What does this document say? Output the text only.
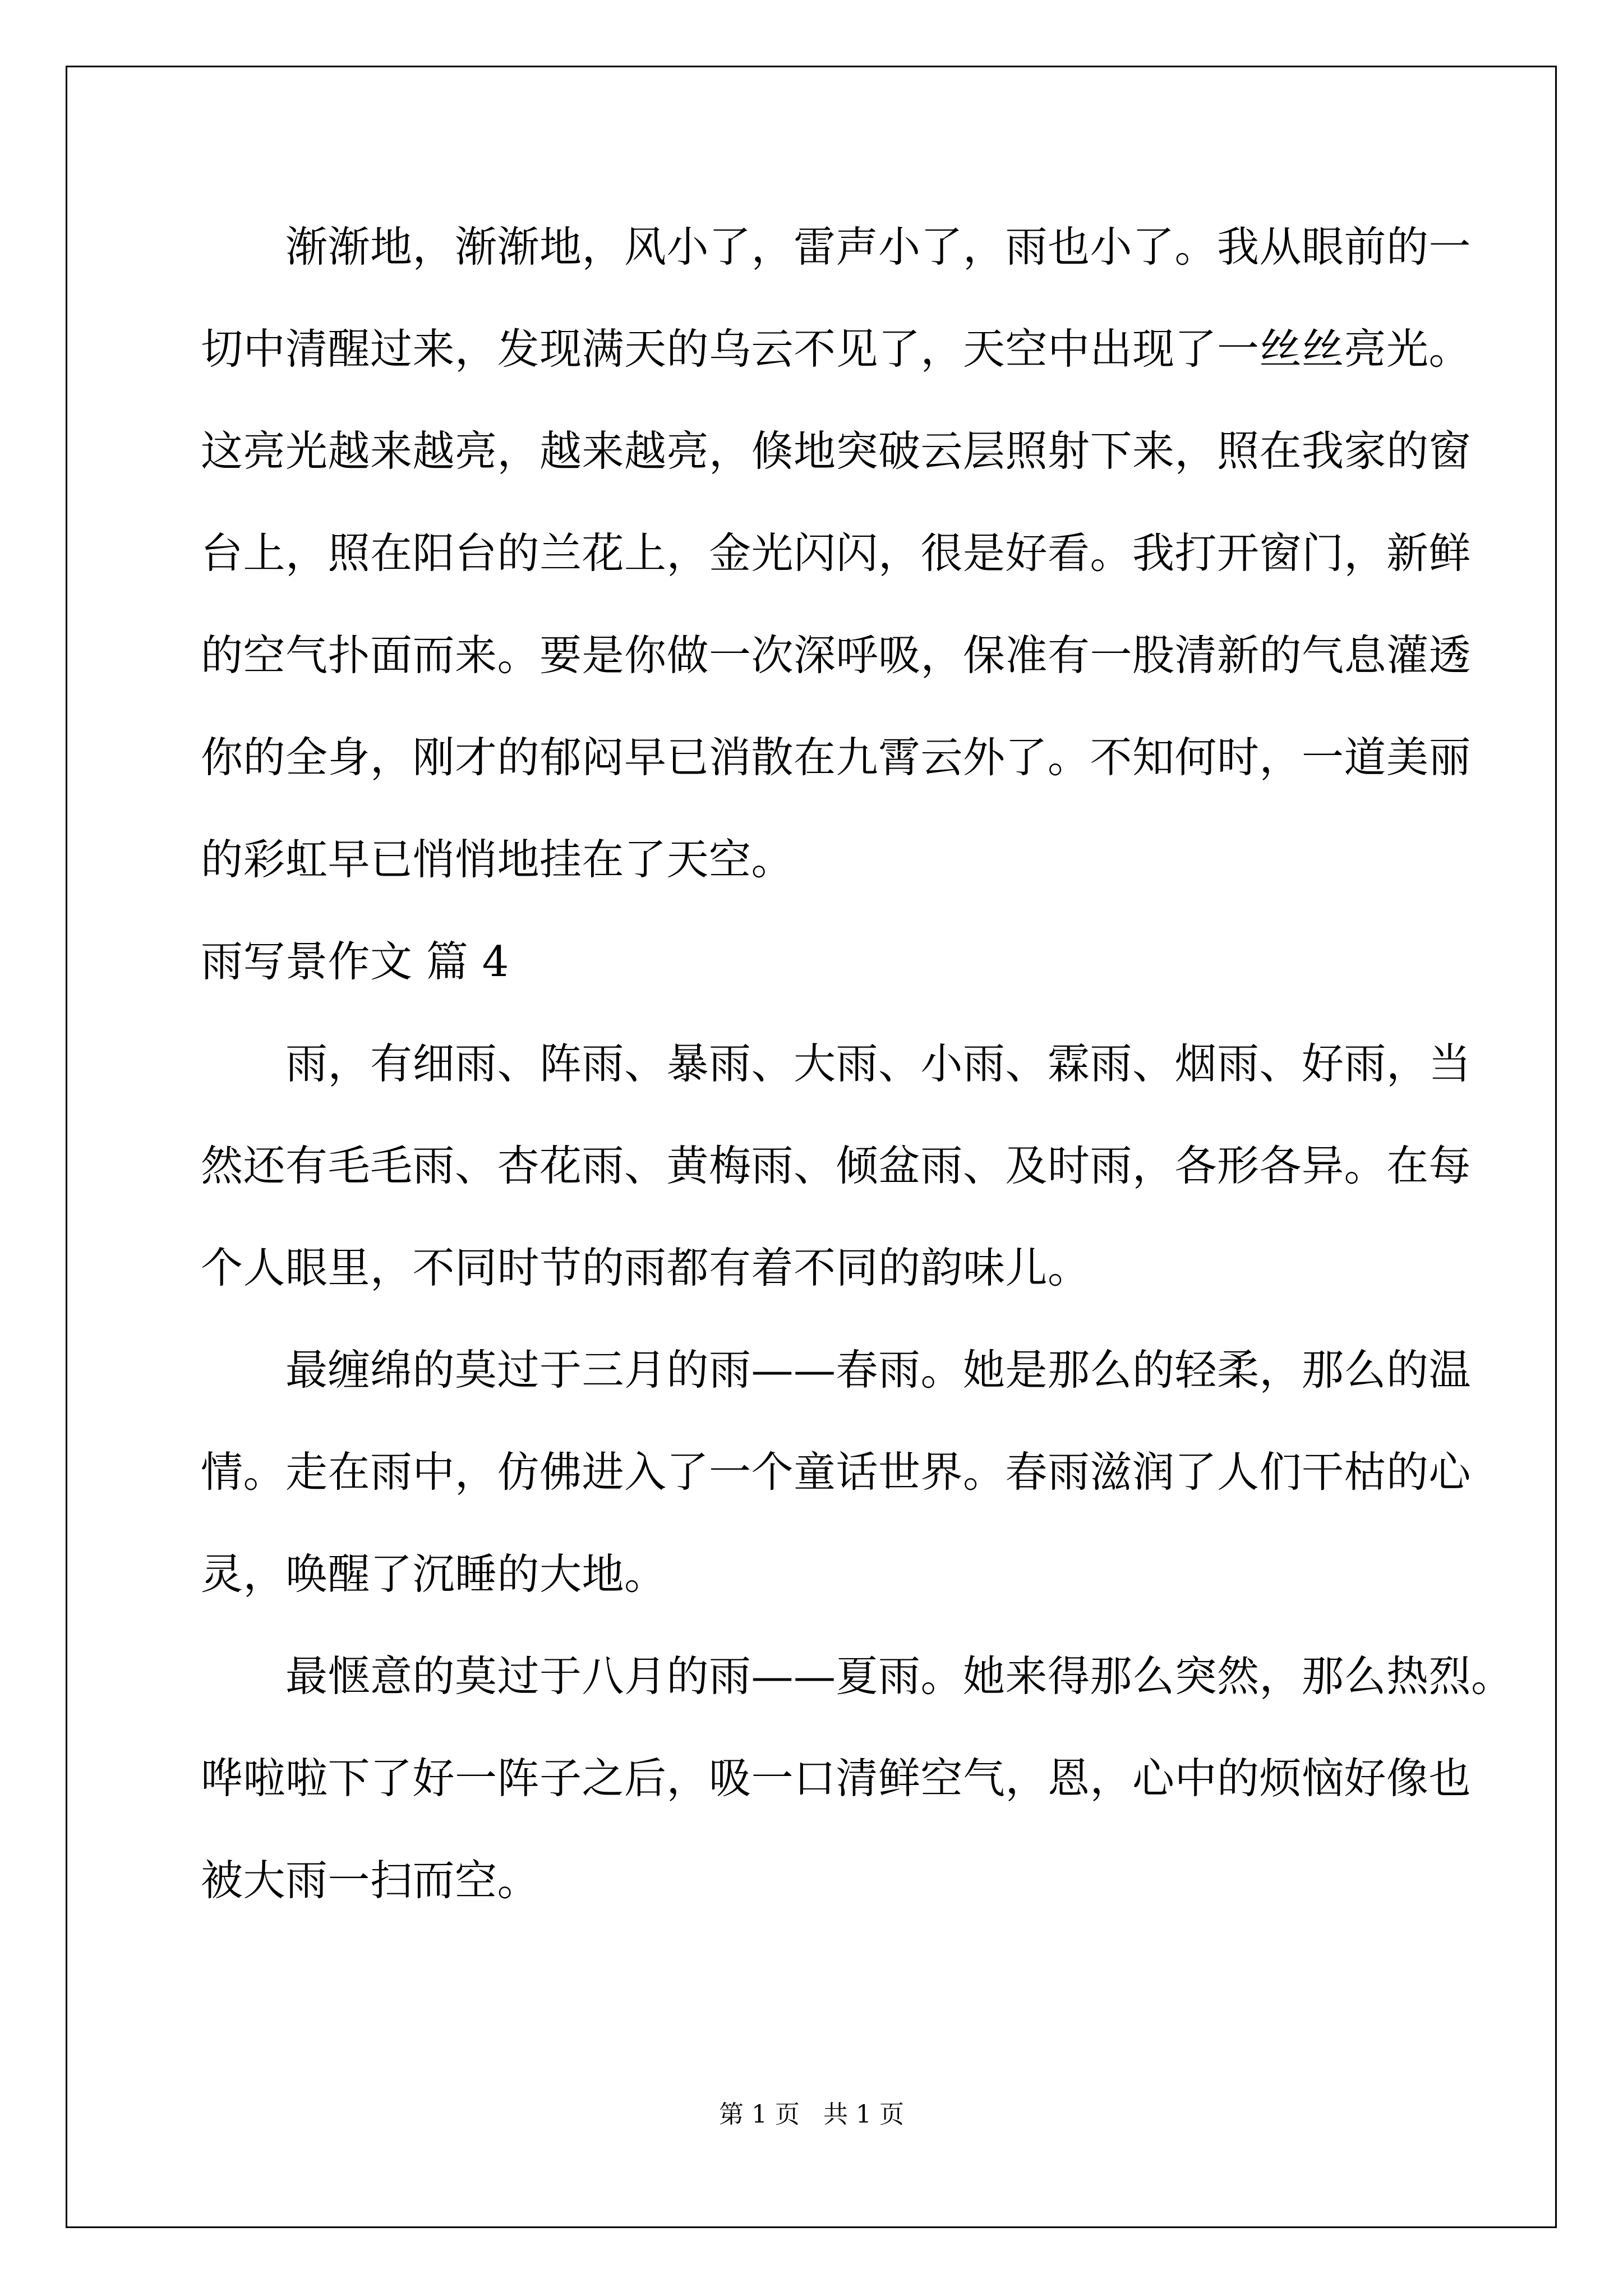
　　渐渐地，渐渐地，风小了，雷声小了，雨也小了。我从眼前的一
切中清醒过来，发现满天的乌云不见了，天空中出现了一丝丝亮光。
这亮光越来越亮，越来越亮，倏地突破云层照射下来，照在我家的窗
台上，照在阳台的兰花上，金光闪闪，很是好看。我打开窗门，新鲜
的空气扑面而来。要是你做一次深呼吸，保准有一股清新的气息灌透
你的全身，刚才的郁闷早已消散在九霄云外了。不知何时，一道美丽
的彩虹早已悄悄地挂在了天空。
雨写景作文 篇 4
　　雨，有细雨、阵雨、暴雨、大雨、小雨、霖雨、烟雨、好雨，当
然还有毛毛雨、杏花雨、黄梅雨、倾盆雨、及时雨，各形各异。在每
个人眼里，不同时节的雨都有着不同的韵味儿。
　　最缠绵的莫过于三月的雨——春雨。她是那么的轻柔，那么的温
情。走在雨中，仿佛进入了一个童话世界。春雨滋润了人们干枯的心
灵，唤醒了沉睡的大地。
　　最惬意的莫过于八月的雨——夏雨。她来得那么突然，那么热烈。
哗啦啦下了好一阵子之后，吸一口清鲜空气，恩，心中的烦恼好像也
被大雨一扫而空。
第 1 页   共 1 页
